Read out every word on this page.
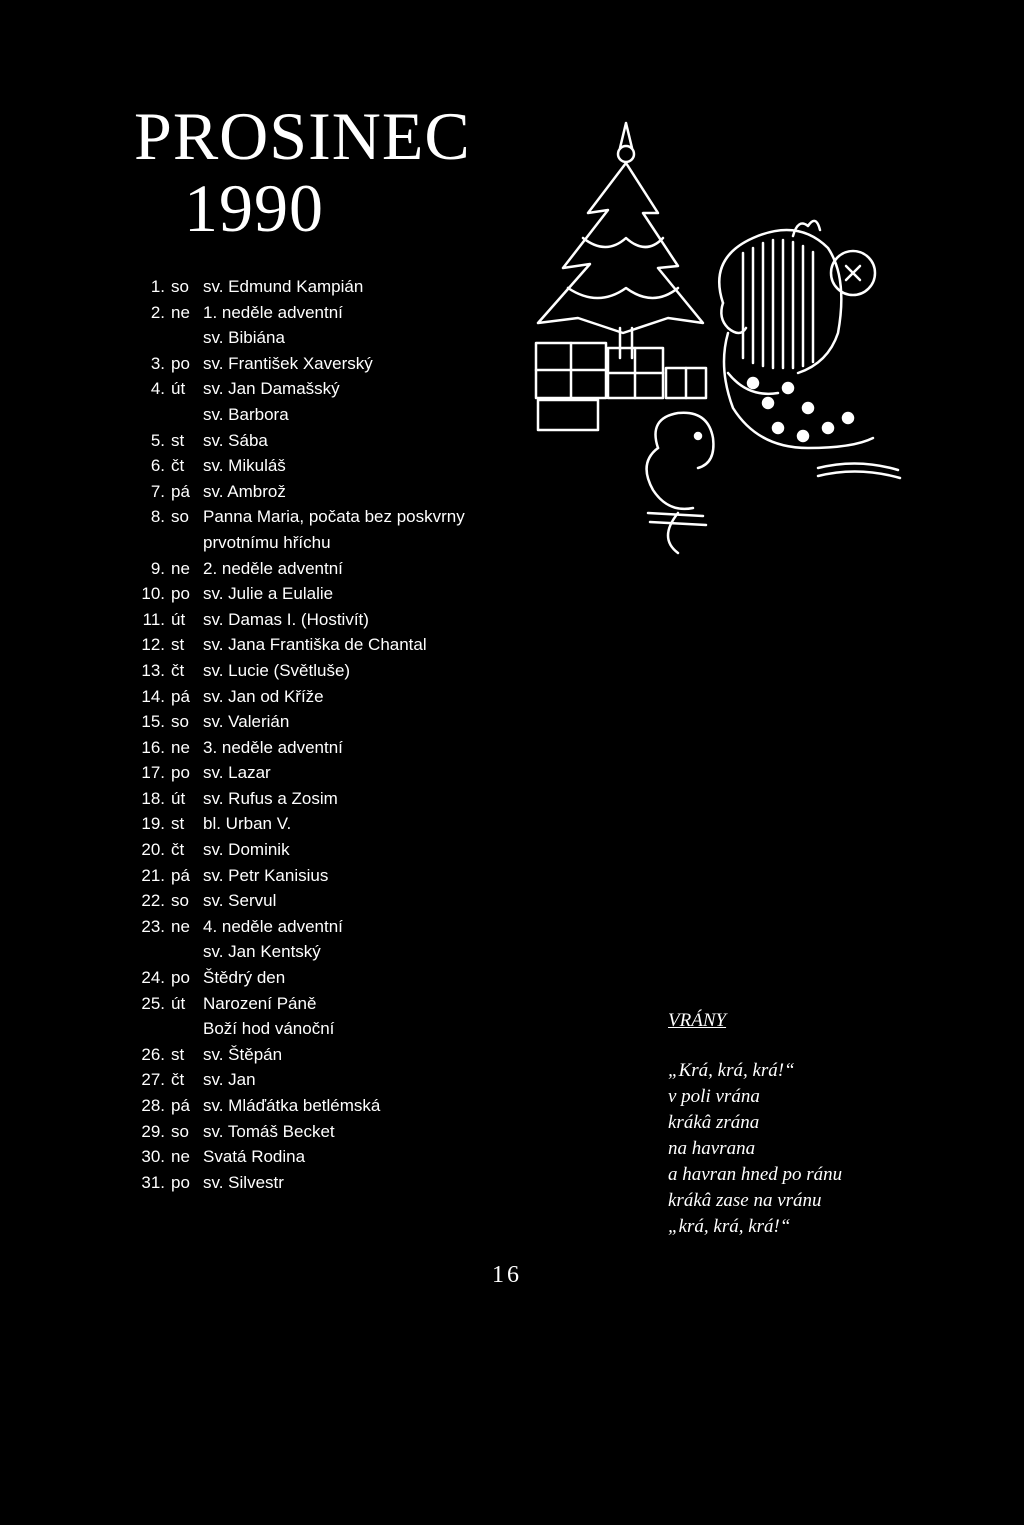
PROSINEC
1990
1. so sv. Edmund Kampián
2. ne 1. neděle adventní
sv. Bibiána
3. po sv. František Xaverský
4. út sv. Jan Damašský
sv. Barbora
5. st sv. Sába
6. čt sv. Mikuláš
7. pá sv. Ambrož
8. so Panna Maria, počata bez poskvrny
prvotnímu hříchu
9. ne 2. neděle adventní
10. po sv. Julie a Eulalie
11. út sv. Damas I. (Hostivít)
12. st sv. Jana Františka de Chantal
13. čt sv. Lucie (Světluše)
14. pá sv. Jan od Kříže
15. so sv. Valerián
16. ne 3. neděle adventní
17. po sv. Lazar
18. út sv. Rufus a Zosim
19. st bl. Urban V.
20. čt sv. Dominik
21. pá sv. Petr Kanisius
22. so sv. Servul
23. ne 4. neděle adventní
sv. Jan Kentský
24. po Štědrý den
25. út Narození Páně
Boží hod vánoční
26. st sv. Štěpán
27. čt sv. Jan
28. pá sv. Mláďátka betlémská
29. so sv. Tomáš Becket
30. ne Svatá Rodina
31. po sv. Silvestr
VRÁNY
„Krá, krá, krá!“
v poli vrána
krákâ zrána
na havrana
a havran hned po ránu
krákâ zase na vránu
„krá, krá, krá!“
16
